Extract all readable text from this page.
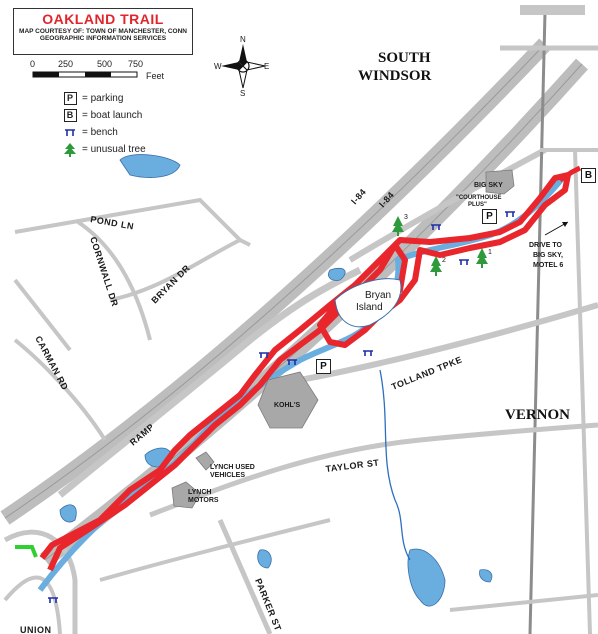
3
2
1
N
S
E
W
I-84 I-84
POND LN
CORNWALL DR	BRYAN DR
CARMAN RD
RAMP
TOLLAND TPKE
TAYLOR ST
PARKER ST
UNION
SOUTH
WINDSOR
VERNON
Bryan
Island
KOHL'S
LYNCH USED
VEHICLES
LYNCH
MOTORS
BIG SKY
"COURTHOUSE
PLUS"
DRIVE TO
BIG SKY,
MOTEL 6
OAKLAND TRAIL
MAP COURTESY OF: TOWN OF MANCHESTER, CONN GEOGRAPHIC INFORMATION SERVICES
0	250	500 750
Feet
P = parking
B = boat launch
= bench
= unusual tree
P
P
B
